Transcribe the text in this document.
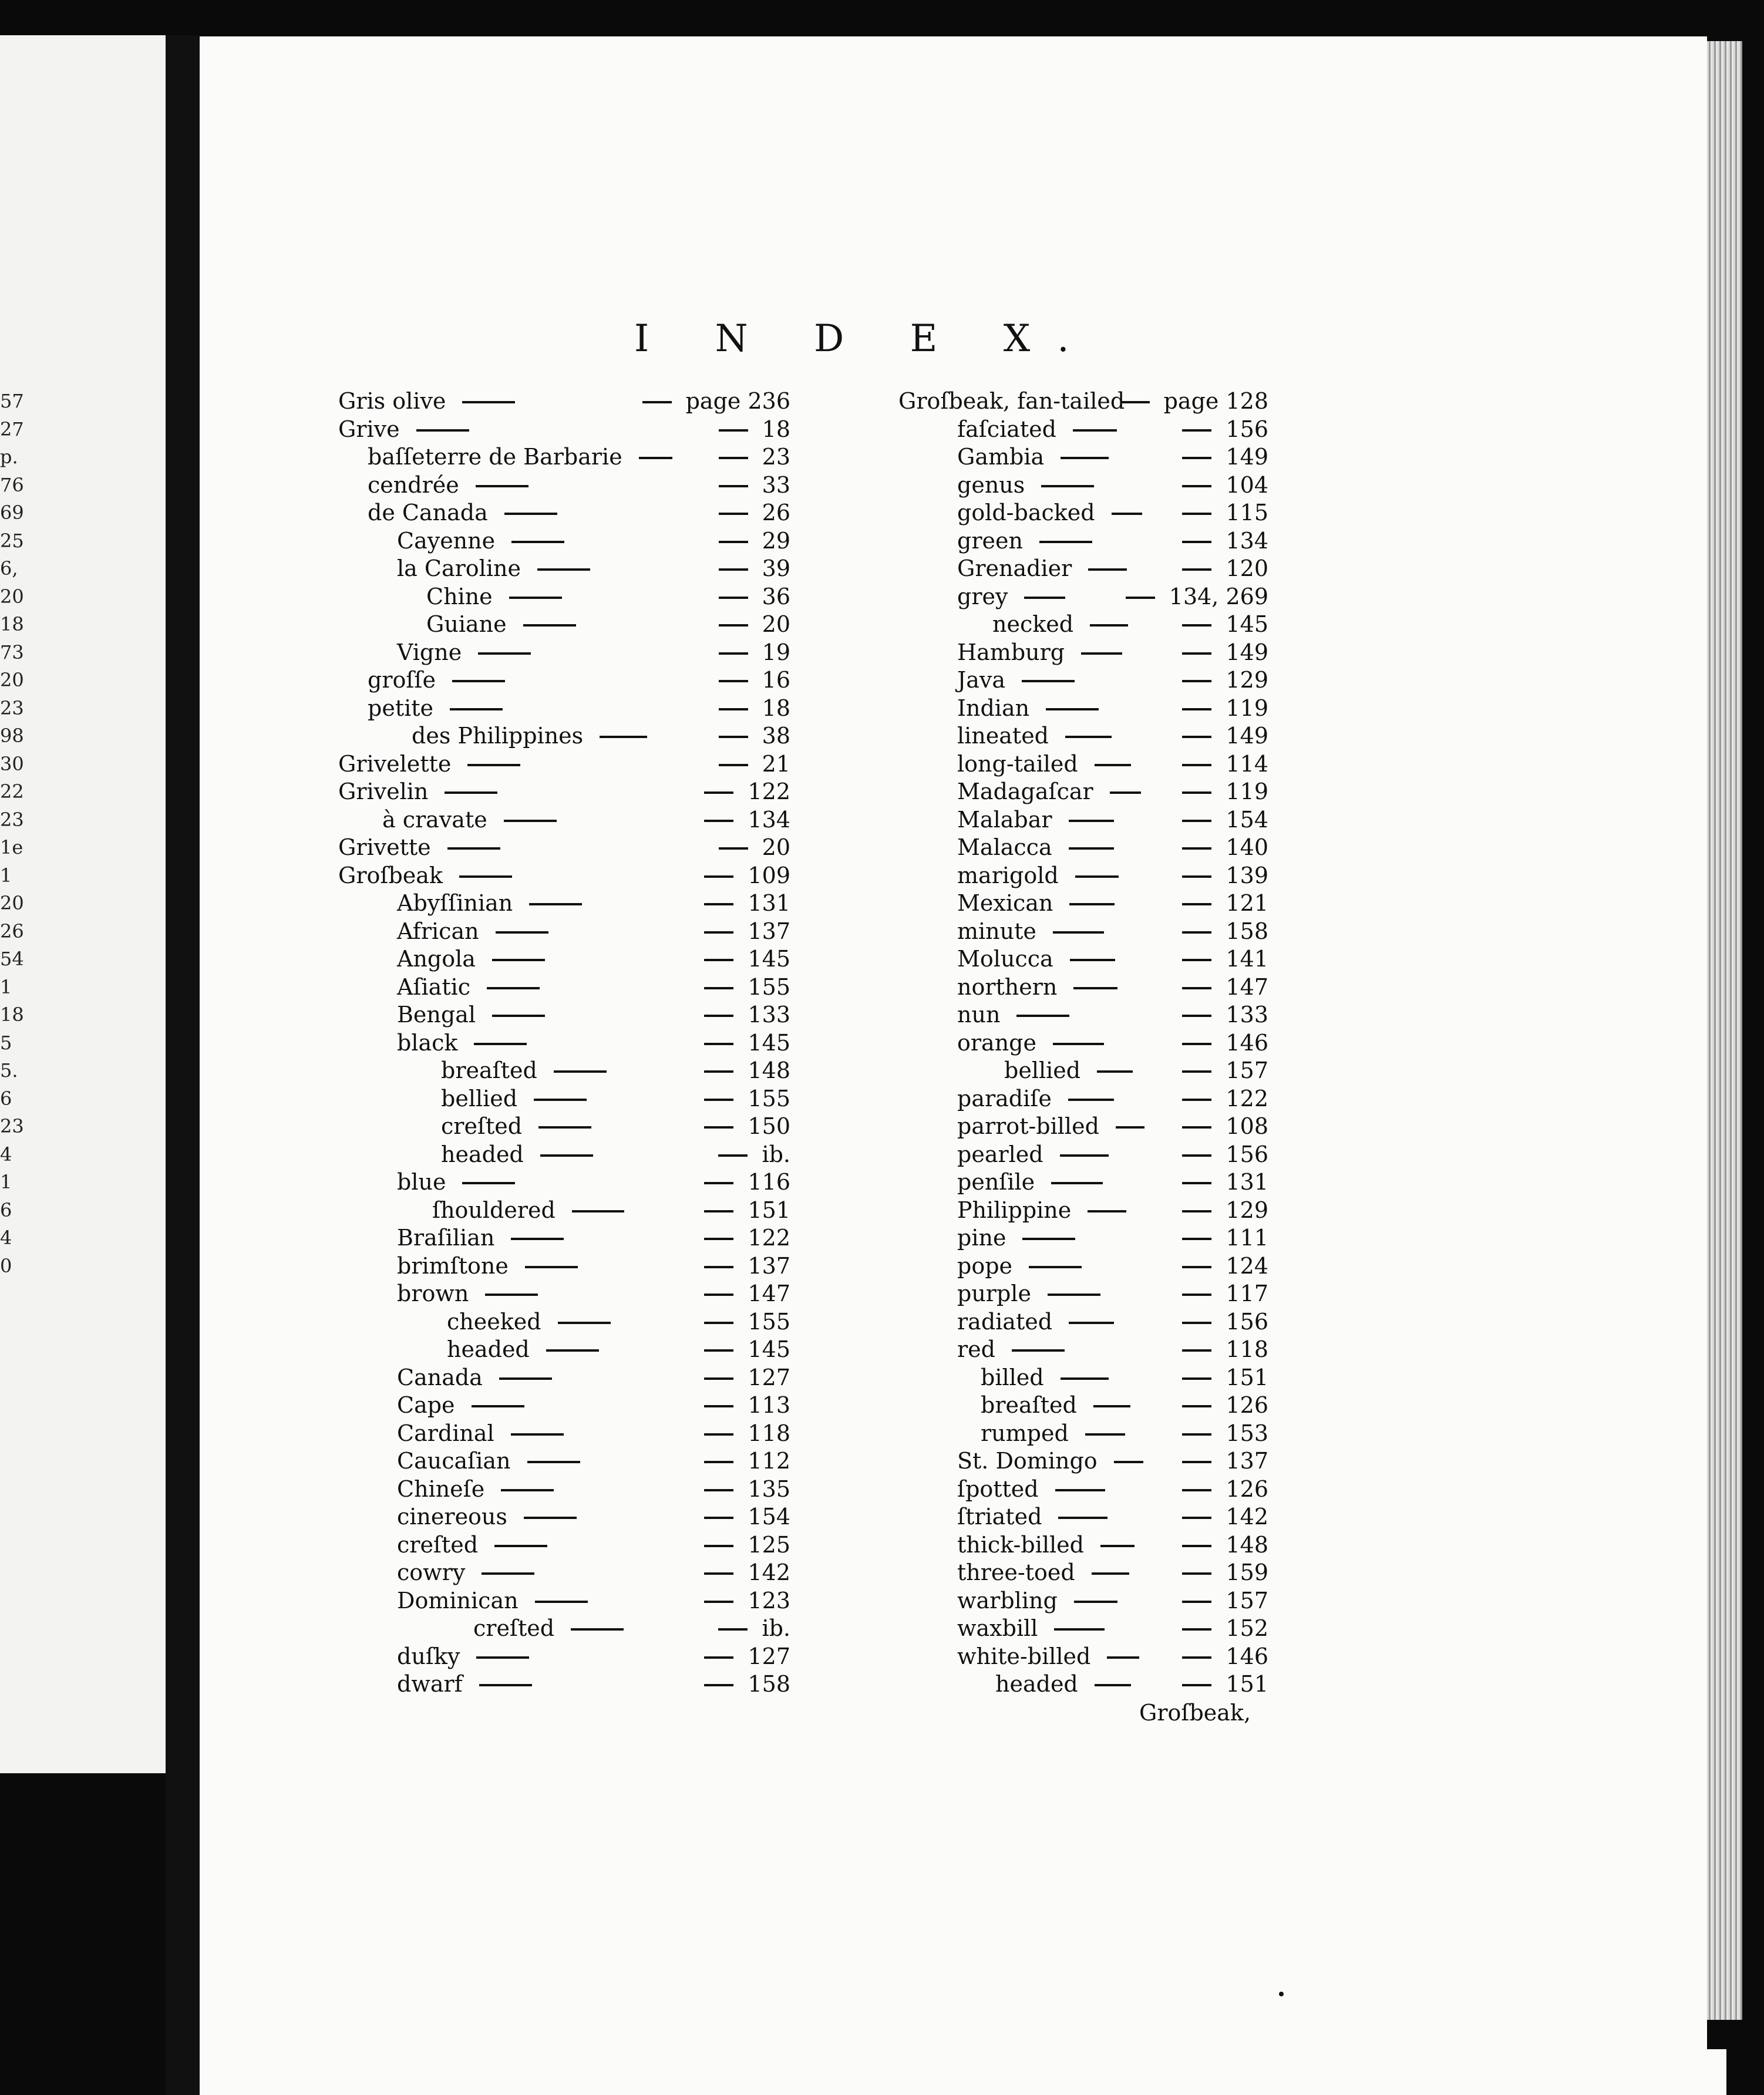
57
27
p.
76
69
25
6,
20
18
73
20
23
98
30
22
23
1e
1
20
26
54
1
18
5
5.
6
23
4
1
6
4
0
I N D E X.
Gris olive	page 236
Grive	18
baſſeterre de Barbarie	23
cendrée	33
de Canada	26
Cayenne	29
la Caroline	39
Chine	36
Guiane	20
Vigne	19
groſſe	16
petite	18
des Philippines	38
Grivelette	21
Grivelin	122
à cravate	134
Grivette	20
Groſbeak	109
Abyſſinian	131
African	137
Angola	145
Aſiatic	155
Bengal	133
black	145
breaſted	148
bellied	155
creſted	150
headed	ib.
blue	116
ſhouldered	151
Braſilian	122
brimſtone	137
brown	147
cheeked	155
headed	145
Canada	127
Cape	113
Cardinal	118
Caucaſian	112
Chineſe	135
cinereous	154
creſted	125
cowry	142
Dominican	123
creſted	ib.
duſky	127
dwarf	158
Groſbeak, fan-tailed page 128
faſciated	156
Gambia	149
genus	104
gold-backed	115
green	134
Grenadier	120
grey	134, 269
necked	145
Hamburg	149
Java	129
Indian	119
lineated	149
long-tailed	114
Madagaſcar	119
Malabar	154
Malacca	140
marigold	139
Mexican	121
minute	158
Molucca	141
northern	147
nun	133
orange	146
bellied	157
paradiſe	122
parrot-billed	108
pearled	156
penſile	131
Philippine	129
pine	111
pope	124
purple	117
radiated	156
red	118
billed	151
breaſted	126
rumped	153
St. Domingo	137
ſpotted	126
ſtriated	142
thick-billed	148
three-toed	159
warbling	157
waxbill	152
white-billed	146
headed	151
Groſbeak,
